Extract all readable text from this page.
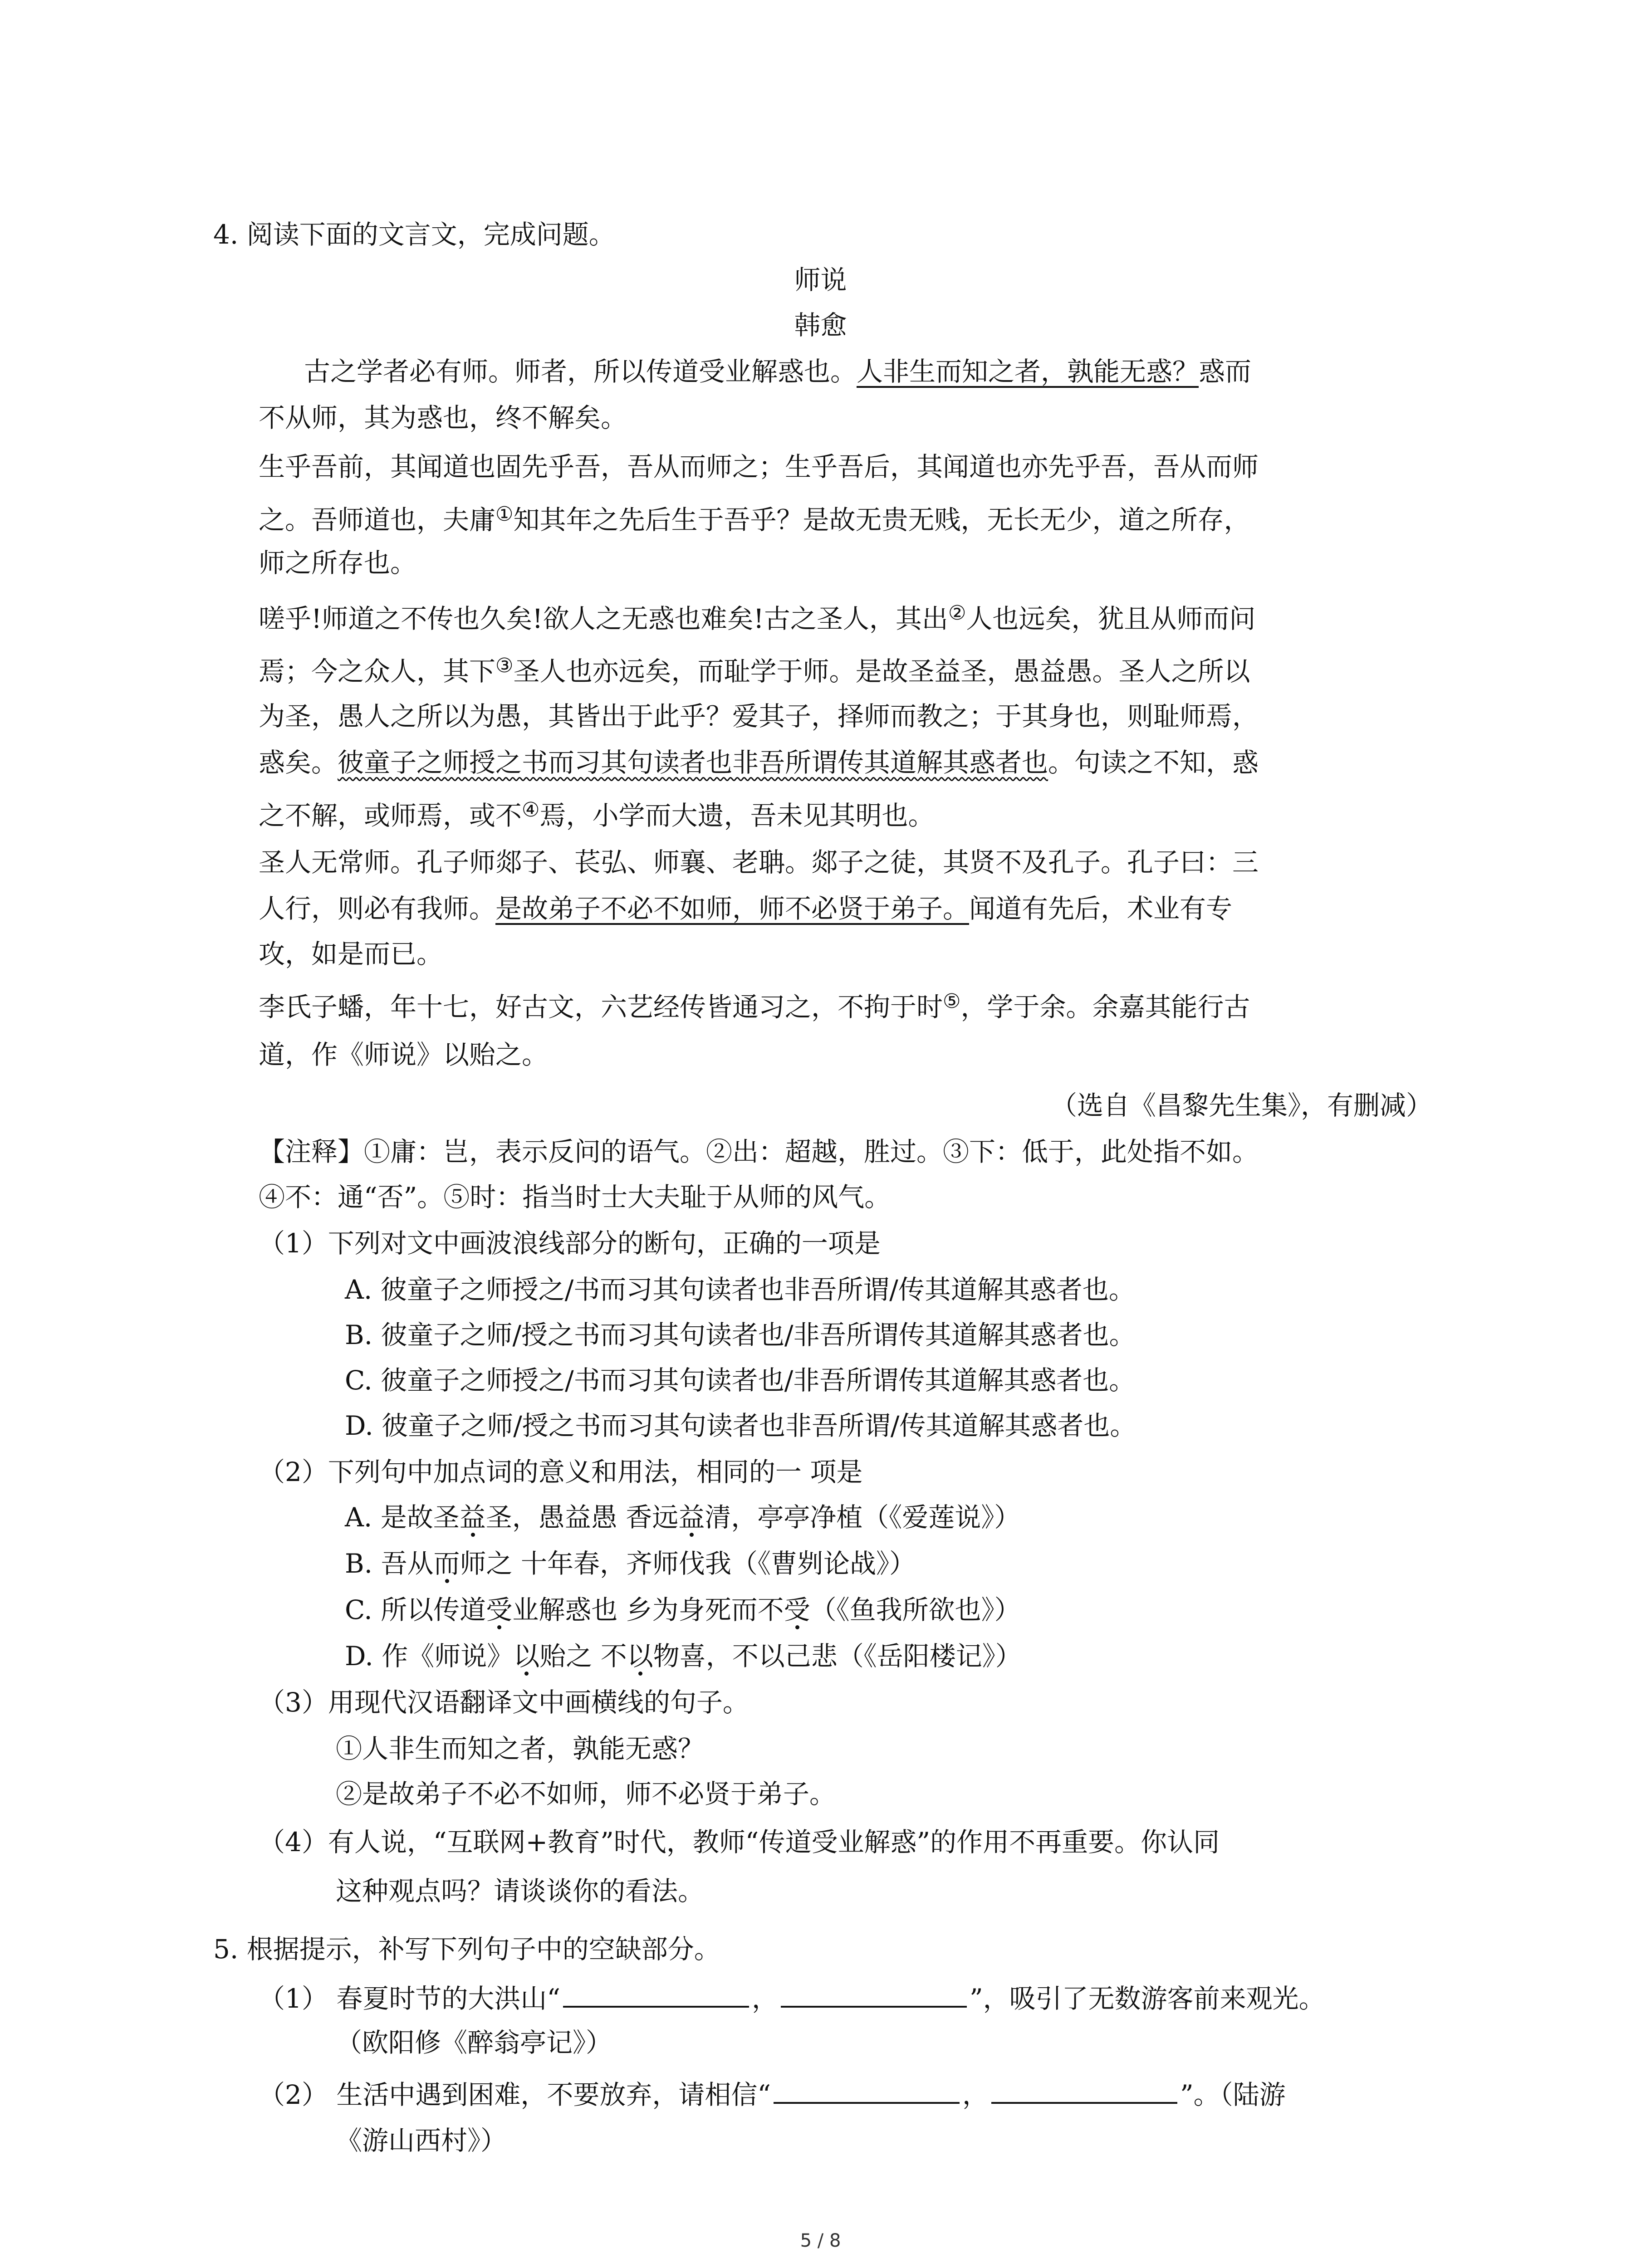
4. 阅读下面的文言文，完成问题。
师说
韩愈
古之学者必有师。师者，所以传道受业解惑也。人非生而知之者，孰能无惑？惑而
不从师，其为惑也，终不解矣。
生乎吾前，其闻道也固先乎吾，吾从而师之；生乎吾后，其闻道也亦先乎吾，吾从而师
之。吾师道也，夫庸①知其年之先后生于吾乎？是故无贵无贱，无长无少，道之所存，
师之所存也。
嗟乎!师道之不传也久矣!欲人之无惑也难矣!古之圣人，其出②人也远矣，犹且从师而问
焉；今之众人，其下③圣人也亦远矣，而耻学于师。是故圣益圣，愚益愚。圣人之所以
为圣，愚人之所以为愚，其皆出于此乎？爱其子，择师而教之；于其身也，则耻师焉，
惑矣。彼童子之师授之书而习其句读者也非吾所谓传其道解其惑者也。句读之不知，惑
之不解，或师焉，或不④焉，小学而大遗，吾未见其明也。
圣人无常师。孔子师郯子、苌弘、师襄、老聃。郯子之徒，其贤不及孔子。孔子曰：三
人行，则必有我师。是故弟子不必不如师，师不必贤于弟子。闻道有先后，术业有专
攻，如是而已。
李氏子蟠，年十七，好古文，六艺经传皆通习之，不拘于时⑤，学于余。余嘉其能行古
道，作《师说》以贻之。
（选自《昌黎先生集》，有删减）
【注释】①庸：岂，表示反问的语气。②出：超越，胜过。③下：低于，此处指不如。
④不：通“否”。⑤时：指当时士大夫耻于从师的风气。
（1）下列对文中画波浪线部分的断句，正确的一项是
A. 彼童子之师授之/书而习其句读者也非吾所谓/传其道解其惑者也。
B. 彼童子之师/授之书而习其句读者也/非吾所谓传其道解其惑者也。
C. 彼童子之师授之/书而习其句读者也/非吾所谓传其道解其惑者也。
D. 彼童子之师/授之书而习其句读者也非吾所谓/传其道解其惑者也。
（2）下列句中加点词的意义和用法，相同的一 项是
A. 是故圣益圣，愚益愚 香远益清，亭亭净植（《爱莲说》）
B. 吾从而师之 十年春，齐师伐我（《曹刿论战》）
C. 所以传道受业解惑也 乡为身死而不受（《鱼我所欲也》）
D. 作《师说》以贻之 不以物喜，不以己悲（《岳阳楼记》）
（3）用现代汉语翻译文中画横线的句子。
①人非生而知之者，孰能无惑？
②是故弟子不必不如师，师不必贤于弟子。
（4）有人说，“互联网+教育”时代，教师“传道受业解惑”的作用不再重要。你认同
这种观点吗？请谈谈你的看法。
5. 根据提示，补写下列句子中的空缺部分。
（1） 春夏时节的大洪山“	，	”，吸引了无数游客前来观光。
（欧阳修《醉翁亭记》）
（2） 生活中遇到困难，不要放弃，请相信“	，	”。（陆游
《游山西村》）
5 / 8
